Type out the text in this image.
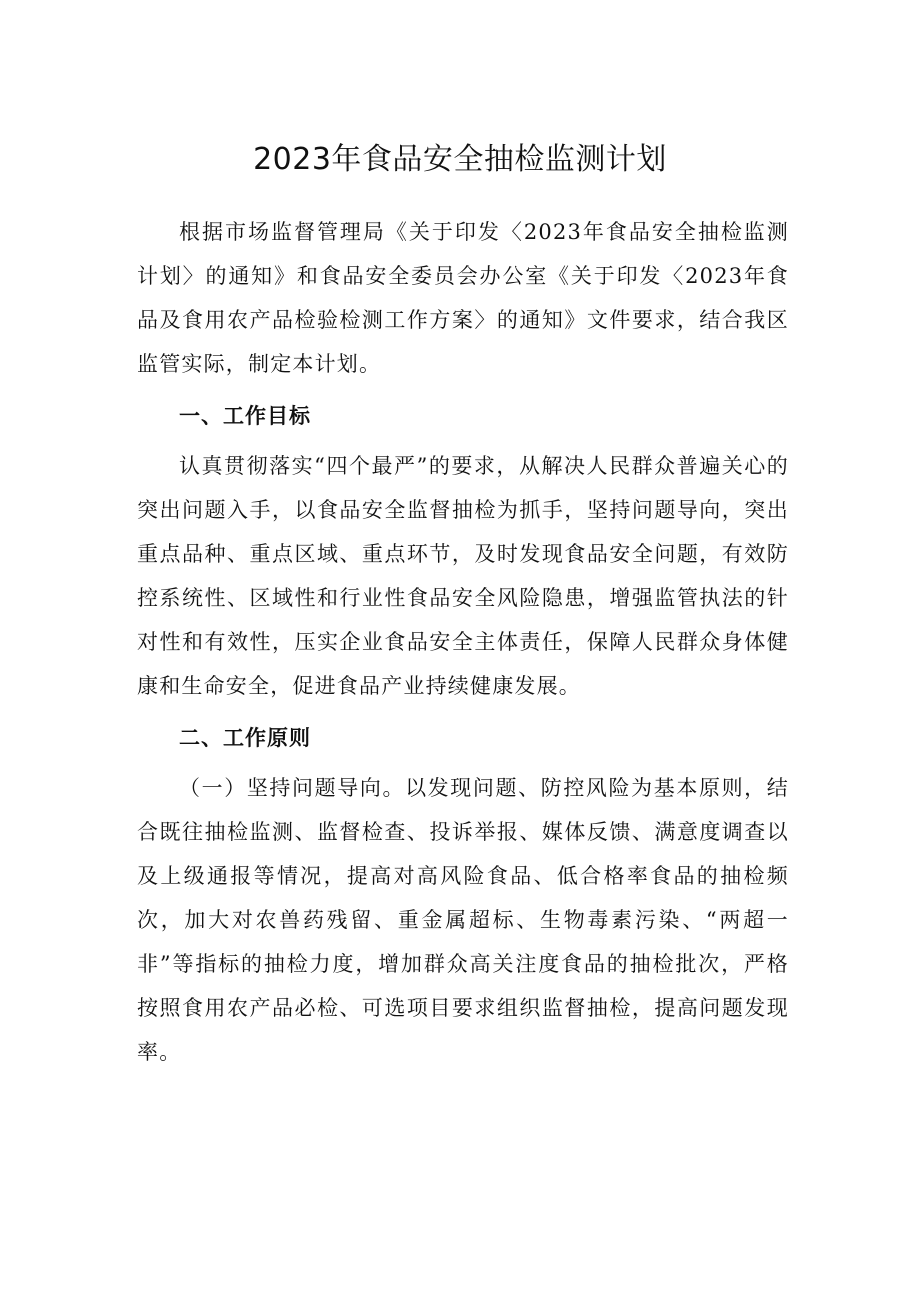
2023年食品安全抽检监测计划

根据市场监督管理局《关于印发〈2023年食品安全抽检监测计划〉的通知》和食品安全委员会办公室《关于印发〈2023年食品及食用农产品检验检测工作方案〉的通知》文件要求，结合我区监管实际，制定本计划。

一、工作目标

认真贯彻落实“四个最严”的要求，从解决人民群众普遍关心的突出问题入手，以食品安全监督抽检为抓手，坚持问题导向，突出重点品种、重点区域、重点环节，及时发现食品安全问题，有效防控系统性、区域性和行业性食品安全风险隐患，增强监管执法的针对性和有效性，压实企业食品安全主体责任，保障人民群众身体健康和生命安全，促进食品产业持续健康发展。

二、工作原则

（一）坚持问题导向。以发现问题、防控风险为基本原则，结合既往抽检监测、监督检查、投诉举报、媒体反馈、满意度调查以及上级通报等情况，提高对高风险食品、低合格率食品的抽检频次，加大对农兽药残留、重金属超标、生物毒素污染、“两超一非”等指标的抽检力度，增加群众高关注度食品的抽检批次，严格按照食用农产品必检、可选项目要求组织监督抽检，提高问题发现率。
